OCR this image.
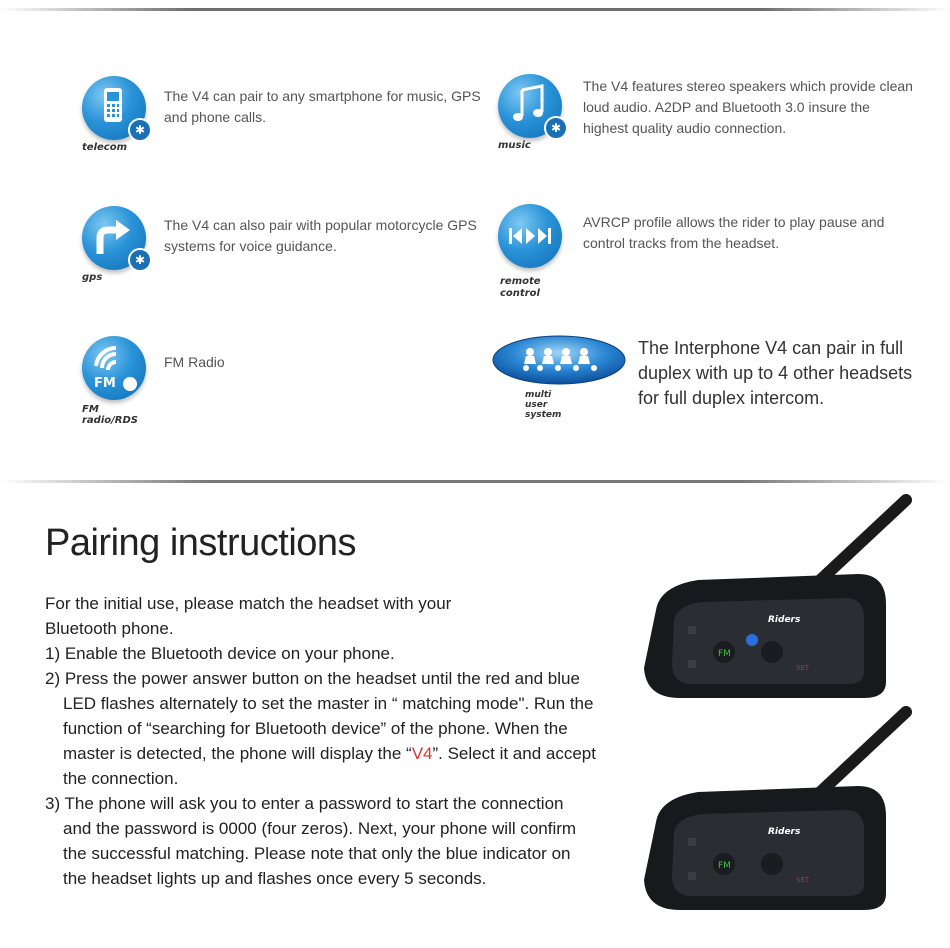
✱
telecom
The V4 can pair to any smartphone for music, GPS and phone calls.
✱
music
The V4 features stereo speakers which provide clean loud audio. A2DP and Bluetooth 3.0 insure the highest quality audio connection.
✱
gps
The V4 can also pair with popular motorcycle GPS systems for voice guidance.
remote
control
AVRCP profile allows the rider to play pause and control tracks from the headset.
FM
FM radio/RDS
FM Radio
multi user system
The Interphone V4 can pair in full duplex with up to 4 other headsets for full duplex intercom.
Pairing instructions

For the initial use, please match the headset with your Bluetooth phone.

1) Enable the Bluetooth device on your phone.

2) Press the power answer button on the headset until the red and blue LED flashes alternately to set the master in “ matching mode". Run the function of “searching for Bluetooth device” of the phone. When the master is detected, the phone will display the “V4”. Select it and accept the connection.

3) The phone will ask you to enter a password to start the connection and the password is 0000 (four zeros). Next, your phone will confirm the successful matching. Please note that only the blue indicator on the headset lights up and flashes once every 5 seconds.

FM
SET
Riders
FM
SET
Riders
